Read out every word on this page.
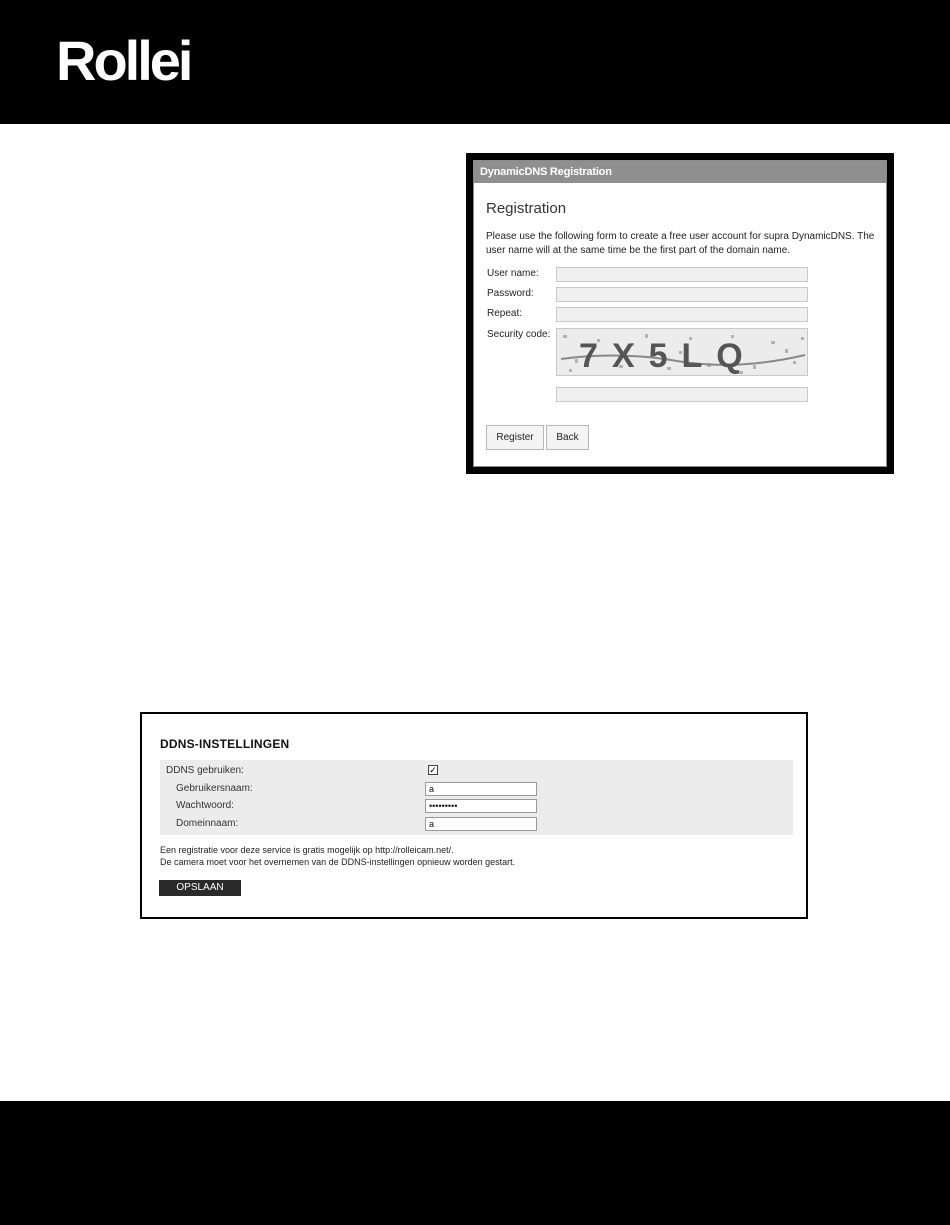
Rollei
DynamicDNS Registration
Registration
Please use the following form to create a free user account for supra DynamicDNS. The user name will at the same time be the first part of the domain name.
User name:
Password:
Repeat:
Security code:
7X5LQ
Register	Back
DDNS-INSTELLINGEN
DDNS gebruiken:	✓
Gebruikersnaam:	a
Wachtwoord:	•••••••••
Domeinnaam:	a
Een registratie voor deze service is gratis mogelijk op http://rolleicam.net/.
De camera moet voor het overnemen van de DDNS-instellingen opnieuw worden gestart.
OPSLAAN
